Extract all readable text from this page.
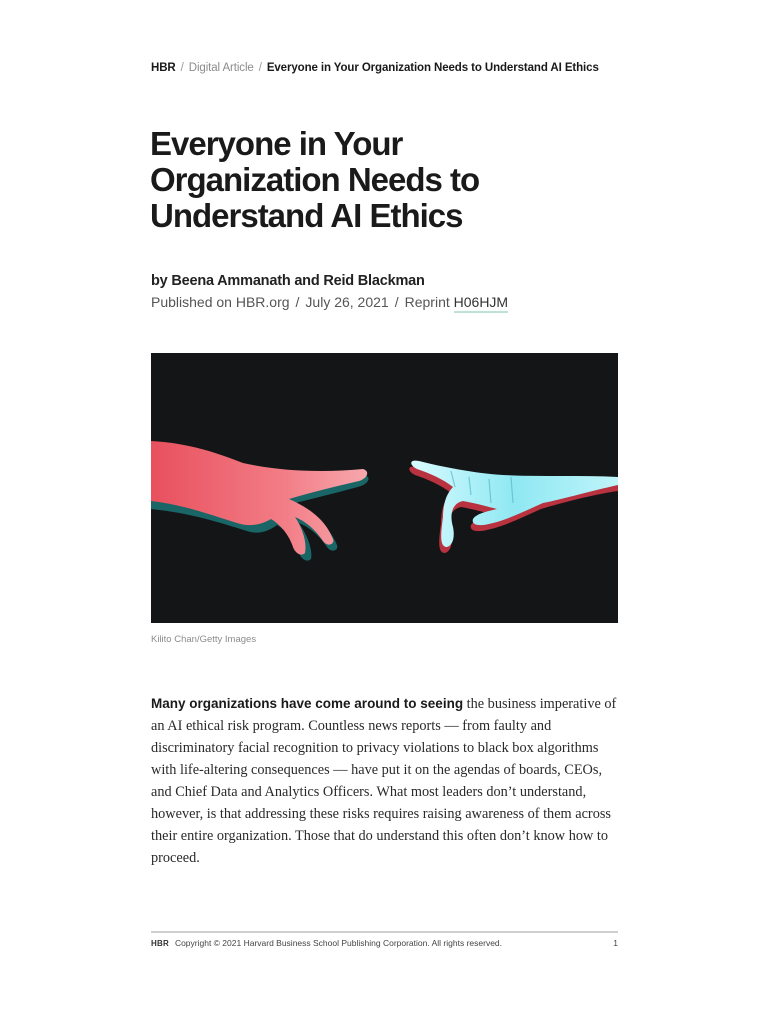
HBR / Digital Article / Everyone in Your Organization Needs to Understand AI Ethics
Everyone in Your
Organization Needs to
Understand AI Ethics
by Beena Ammanath and Reid Blackman
Published on HBR.org / July 26, 2021 / Reprint H06HJM
Kilito Chan/Getty Images

Many organizations have come around to seeing the business imperative of an AI ethical risk program. Countless news reports — from faulty and discriminatory facial recognition to privacy violations to black box algorithms with life-altering consequences — have put it on the agendas of boards, CEOs, and Chief Data and Analytics Officers. What most leaders don’t understand, however, is that addressing these risks requires raising awareness of them across their entire organization. Those that do understand this often don’t know how to proceed.

HBR Copyright © 2021 Harvard Business School Publishing Corporation. All rights reserved.	1
